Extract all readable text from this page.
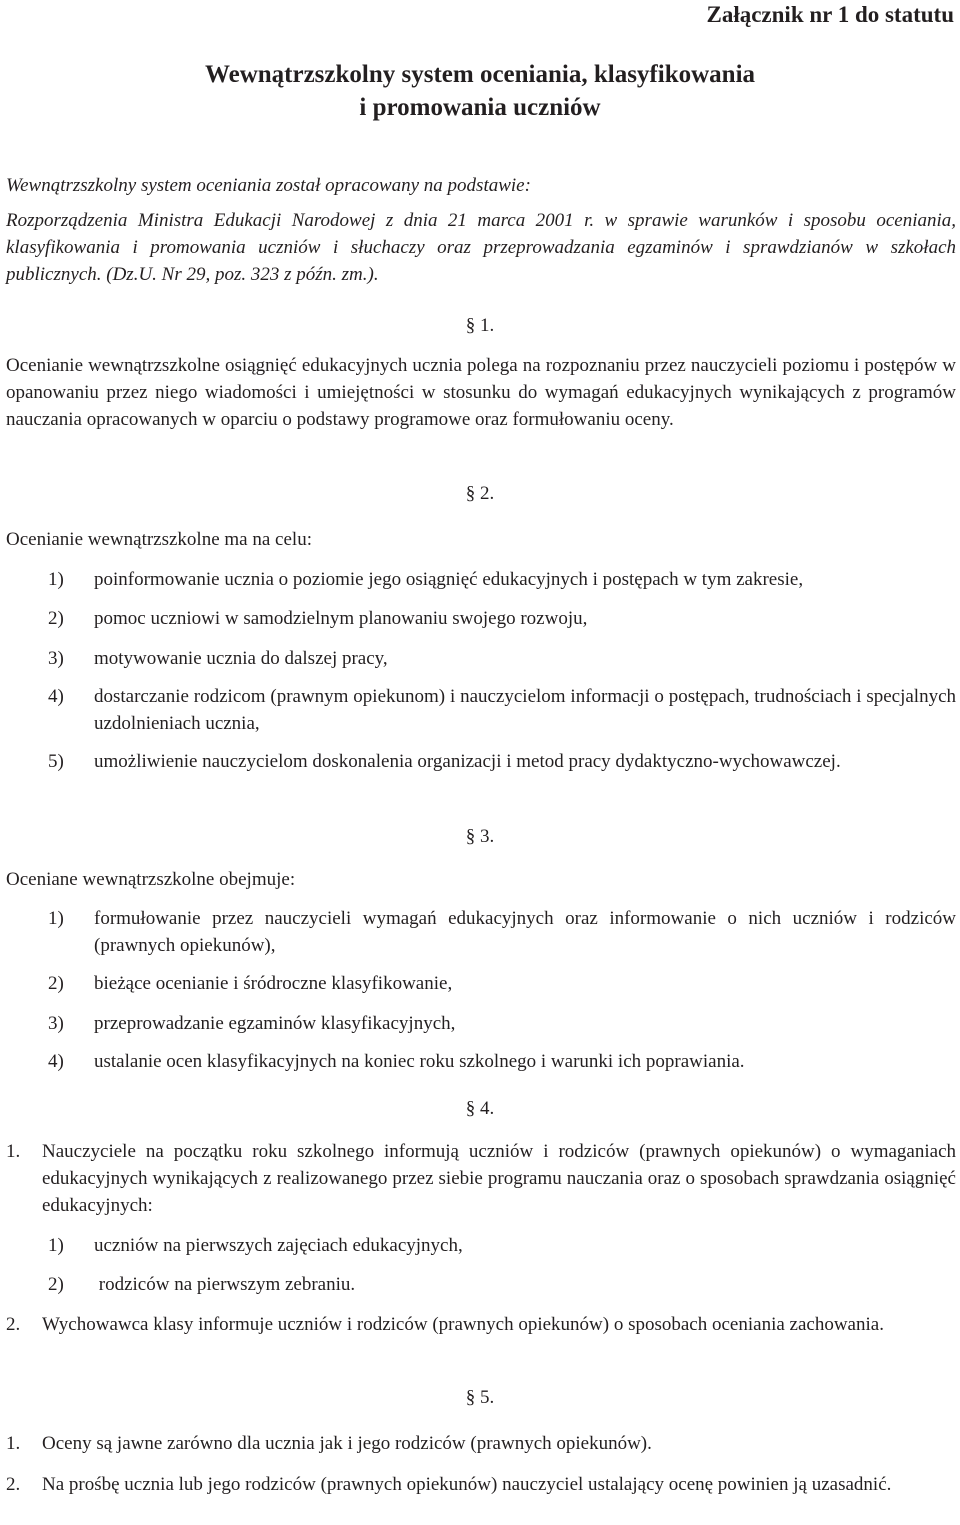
Załącznik nr 1 do statutu
Wewnątrzszkolny system oceniania, klasyfikowania
i promowania uczniów
Wewnątrzszkolny system oceniania został opracowany na podstawie:
Rozporządzenia Ministra Edukacji Narodowej z dnia 21 marca 2001 r. w sprawie warunków i sposobu oceniania, klasyfikowania i promowania uczniów i słuchaczy oraz przeprowadzania egzaminów i sprawdzianów w szkołach publicznych. (Dz.U. Nr 29, poz. 323 z późn. zm.).
§ 1.
Ocenianie wewnątrzszkolne osiągnięć edukacyjnych ucznia polega na rozpoznaniu przez nauczycieli poziomu i postępów w opanowaniu przez niego wiadomości i umiejętności w stosunku do wymagań edukacyjnych wynikających z programów nauczania opracowanych w oparciu o podstawy programowe oraz formułowaniu oceny.
§ 2.
Ocenianie wewnątrzszkolne ma na celu:
1) poinformowanie ucznia o poziomie jego osiągnięć edukacyjnych i postępach w tym zakresie,
2) pomoc uczniowi w samodzielnym planowaniu swojego rozwoju,
3) motywowanie ucznia do dalszej pracy,
4) dostarczanie rodzicom (prawnym opiekunom) i nauczycielom informacji o postępach, trudnościach i specjalnych uzdolnieniach ucznia,
5) umożliwienie nauczycielom doskonalenia organizacji i metod pracy dydaktyczno-wychowawczej.
§ 3.
Oceniane wewnątrzszkolne obejmuje:
1) formułowanie przez nauczycieli wymagań edukacyjnych oraz informowanie o nich uczniów i rodziców (prawnych opiekunów),
2) bieżące ocenianie i śródroczne klasyfikowanie,
3) przeprowadzanie egzaminów klasyfikacyjnych,
4) ustalanie ocen klasyfikacyjnych na koniec roku szkolnego i warunki ich poprawiania.
§ 4.
1. Nauczyciele na początku roku szkolnego informują uczniów i rodziców (prawnych opiekunów) o wymaganiach edukacyjnych wynikających z realizowanego przez siebie programu nauczania oraz o sposobach sprawdzania osiągnięć edukacyjnych:
1) uczniów na pierwszych zajęciach edukacyjnych,
2) rodziców na pierwszym zebraniu.
2. Wychowawca klasy informuje uczniów i rodziców (prawnych opiekunów) o sposobach oceniania zachowania.
§ 5.
1. Oceny są jawne zarówno dla ucznia jak i jego rodziców (prawnych opiekunów).
2. Na prośbę ucznia lub jego rodziców (prawnych opiekunów) nauczyciel ustalający ocenę powinien ją uzasadnić.
